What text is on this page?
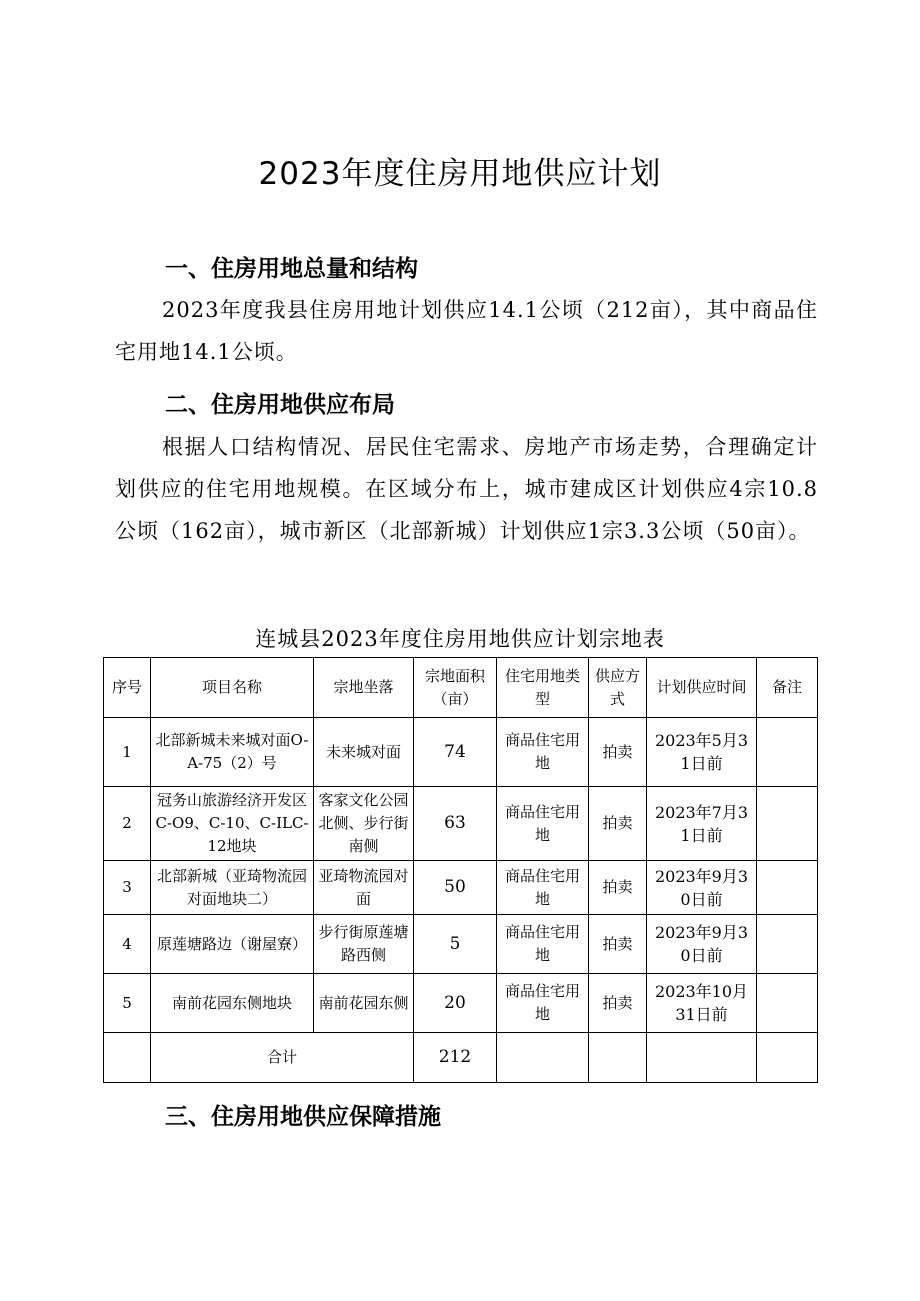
2023年度住房用地供应计划
一、住房用地总量和结构
2023年度我县住房用地计划供应14.1公顷（212亩），其中商品住宅用地14.1公顷。
二、住房用地供应布局
根据人口结构情况、居民住宅需求、房地产市场走势，合理确定计划供应的住宅用地规模。在区域分布上，城市建成区计划供应4宗10.8公顷（162亩），城市新区（北部新城）计划供应1宗3.3公顷（50亩）。
连城县2023年度住房用地供应计划宗地表
序号	项目名称	宗地坐落	宗地面积（亩）	住宅用地类型	供应方式	计划供应时间	备注
1	北部新城未来城对面O-A-75（2）号	未来城对面	74	商品住宅用地	拍卖	2023年5月31日前	
2	冠务山旅游经济开发区C-O9、C-10、C-ILC-12地块	客家文化公园北侧、步行街南侧	63	商品住宅用地	拍卖	2023年7月31日前	
3	北部新城（亚琦物流园对面地块二）	亚琦物流园对面	50	商品住宅用地	拍卖	2023年9月30日前	
4	原莲塘路边（谢屋寮）	步行街原莲塘路西侧	5	商品住宅用地	拍卖	2023年9月30日前	
5	南前花园东侧地块	南前花园东侧	20	商品住宅用地	拍卖	2023年10月31日前	
	合计		212				
三、住房用地供应保障措施
